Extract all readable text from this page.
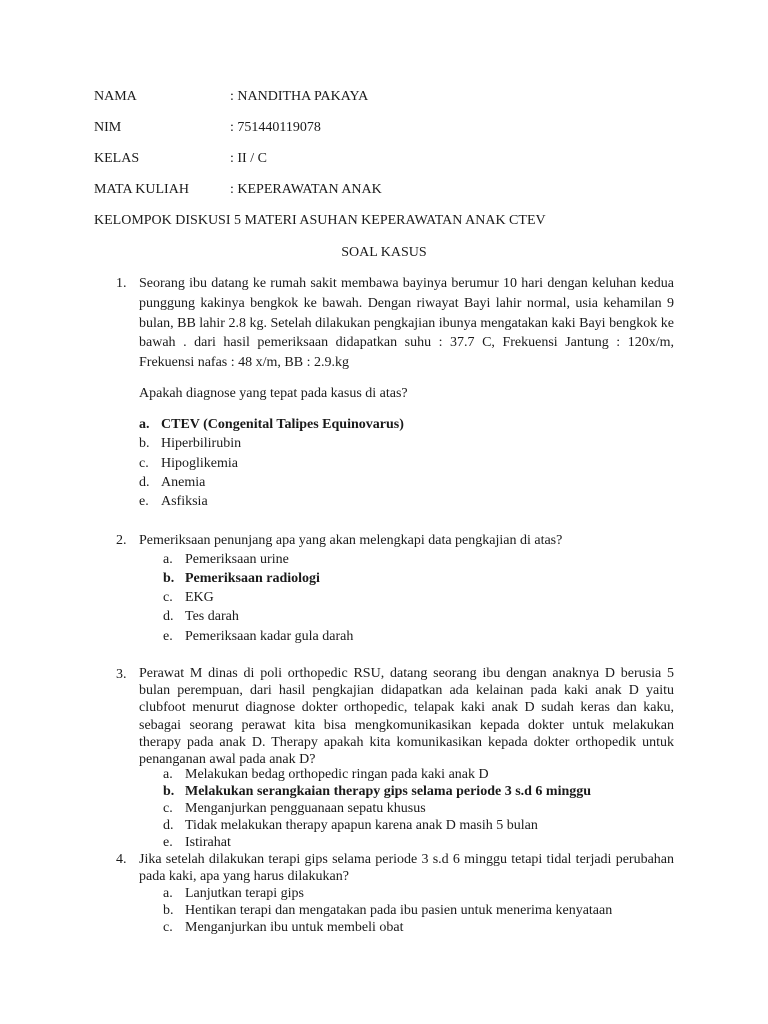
NAMA	: NANDITHA PAKAYA
NIM	: 751440119078
KELAS	: II / C
MATA KULIAH	: KEPERAWATAN ANAK
KELOMPOK DISKUSI 5 MATERI ASUHAN KEPERAWATAN ANAK CTEV
SOAL KASUS
1. Seorang ibu datang ke rumah sakit membawa bayinya berumur 10 hari dengan keluhan kedua punggung kakinya bengkok ke bawah. Dengan riwayat Bayi lahir normal, usia kehamilan 9 bulan, BB lahir 2.8 kg. Setelah dilakukan pengkajian ibunya mengatakan kaki Bayi bengkok ke bawah . dari hasil pemeriksaan didapatkan suhu : 37.7 C, Frekuensi Jantung : 120x/m, Frekuensi nafas : 48 x/m, BB : 2.9.kg
Apakah diagnose yang tepat pada kasus di atas?
a. CTEV (Congenital Talipes Equinovarus)
b. Hiperbilirubin
c. Hipoglikemia
d. Anemia
e. Asfiksia
2. Pemeriksaan penunjang apa yang akan melengkapi data pengkajian di atas?
a. Pemeriksaan urine
b. Pemeriksaan radiologi
c. EKG
d. Tes darah
e. Pemeriksaan kadar gula darah
3. Perawat M dinas di poli orthopedic RSU, datang seorang ibu dengan anaknya D berusia 5 bulan perempuan, dari hasil pengkajian didapatkan ada kelainan pada kaki anak D yaitu clubfoot menurut diagnose dokter orthopedic, telapak kaki anak D sudah keras dan kaku, sebagai seorang perawat kita bisa mengkomunikasikan kepada dokter untuk melakukan therapy pada anak D. Therapy apakah kita komunikasikan kepada dokter orthopedik untuk penanganan awal pada anak D?
a. Melakukan bedag orthopedic ringan pada kaki anak D
b. Melakukan serangkaian therapy gips selama periode 3 s.d 6 minggu
c. Menganjurkan pengguanaan sepatu khusus
d. Tidak melakukan therapy apapun karena anak D masih 5 bulan
e. Istirahat
4. Jika setelah dilakukan terapi gips selama periode 3 s.d 6 minggu tetapi tidal terjadi perubahan pada kaki, apa yang harus dilakukan?
a. Lanjutkan terapi gips
b. Hentikan terapi dan mengatakan pada ibu pasien untuk menerima kenyataan
c. Menganjurkan ibu untuk membeli obat
